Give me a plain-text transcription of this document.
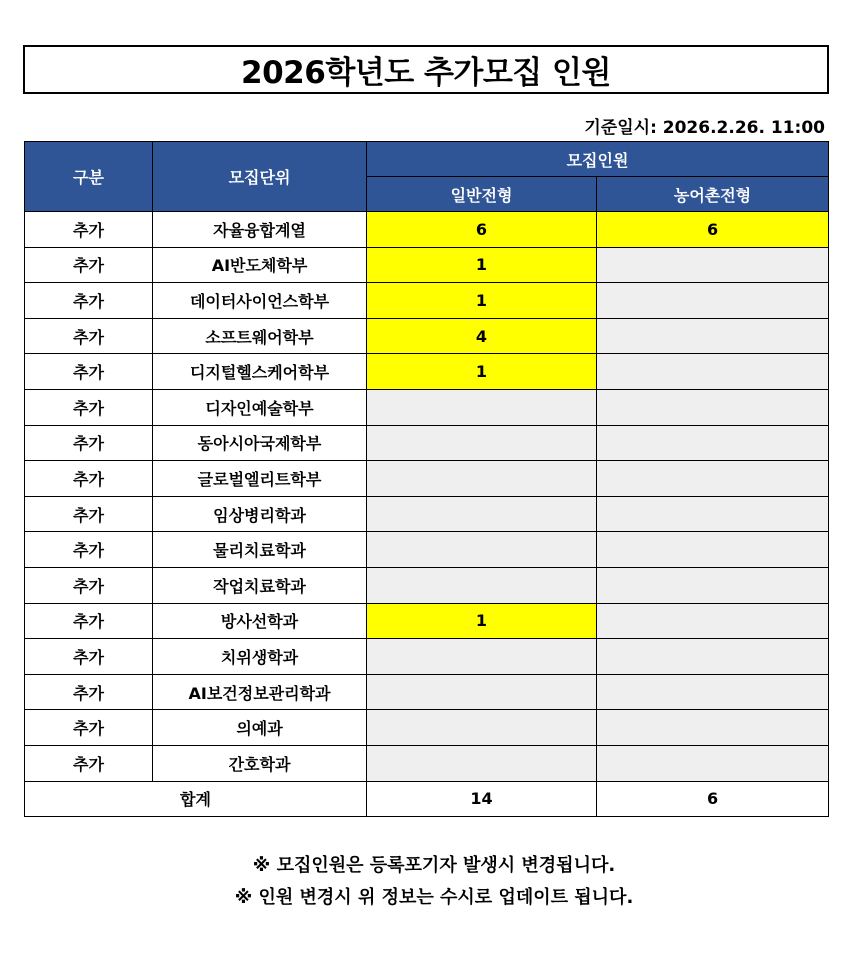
2026학년도 추가모집 인원
기준일시: 2026.2.26. 11:00
구분	모집단위	모집인원	
		일반전형	농어촌전형
추가	자율융합계열	6	6
추가	AI반도체학부	1	
추가	데이터사이언스학부	1	
추가	소프트웨어학부	4	
추가	디지털헬스케어학부	1	
추가	디자인예술학부		
추가	동아시아국제학부		
추가	글로벌엘리트학부		
추가	임상병리학과		
추가	물리치료학과		
추가	작업치료학과		
추가	방사선학과	1	
추가	치위생학과		
추가	AI보건정보관리학과		
추가	의예과		
추가	간호학과		
합계		14	6
※ 모집인원은 등록포기자 발생시 변경됩니다.
※ 인원 변경시 위 정보는 수시로 업데이트 됩니다.
